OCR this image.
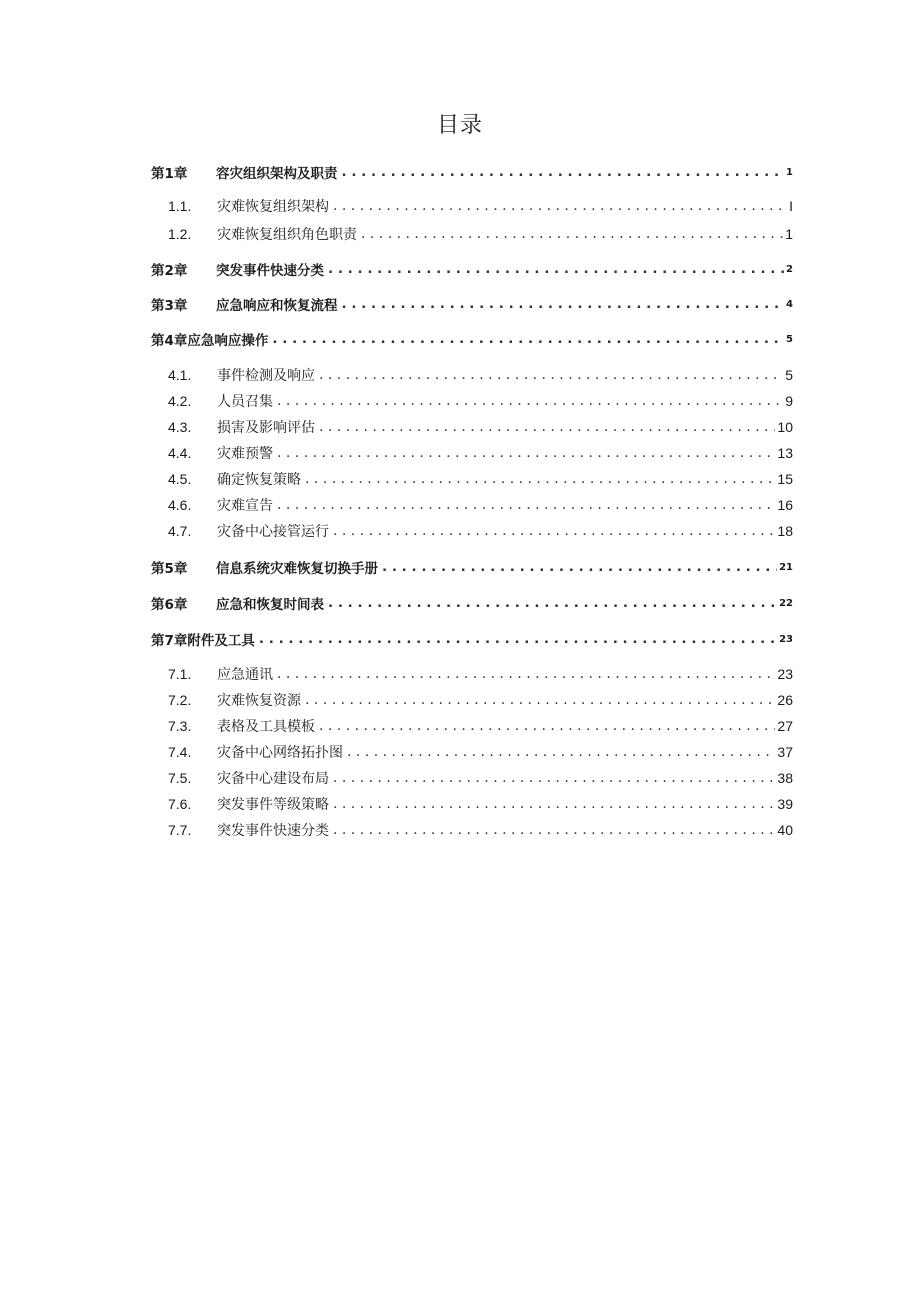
目录
第1章	容灾组织架构及职责 . . .	1
1.1.	灾难恢复组织架构 . . .	I
1.2.	灾难恢复组织角色职责 . . .	1
第2章	突发事件快速分类 . . .	2
第3章	应急响应和恢复流程 . . .	4
第4章 应急响应操作 . . .	5
4.1.	事件检测及响应 . . .	5
4.2.	人员召集 . . .	9
4.3.	损害及影响评估 . . .	10
4.4.	灾难预警 . . .	13
4.5.	确定恢复策略 . . .	15
4.6.	灾难宣告 . . .	16
4.7.	灾备中心接管运行 . . .	18
第5章	信息系统灾难恢复切换手册 . . .	21
第6章	应急和恢复时间表 . . .	22
第7章 附件及工具 . . .	23
7.1.	应急通讯 . . .	23
7.2.	灾难恢复资源 . . .	26
7.3.	表格及工具模板 . . .	27
7.4.	灾备中心网络拓扑图 . . .	37
7.5.	灾备中心建设布局 . . .	38
7.6.	突发事件等级策略 . . .	39
7.7.	突发事件快速分类 . . .	40
